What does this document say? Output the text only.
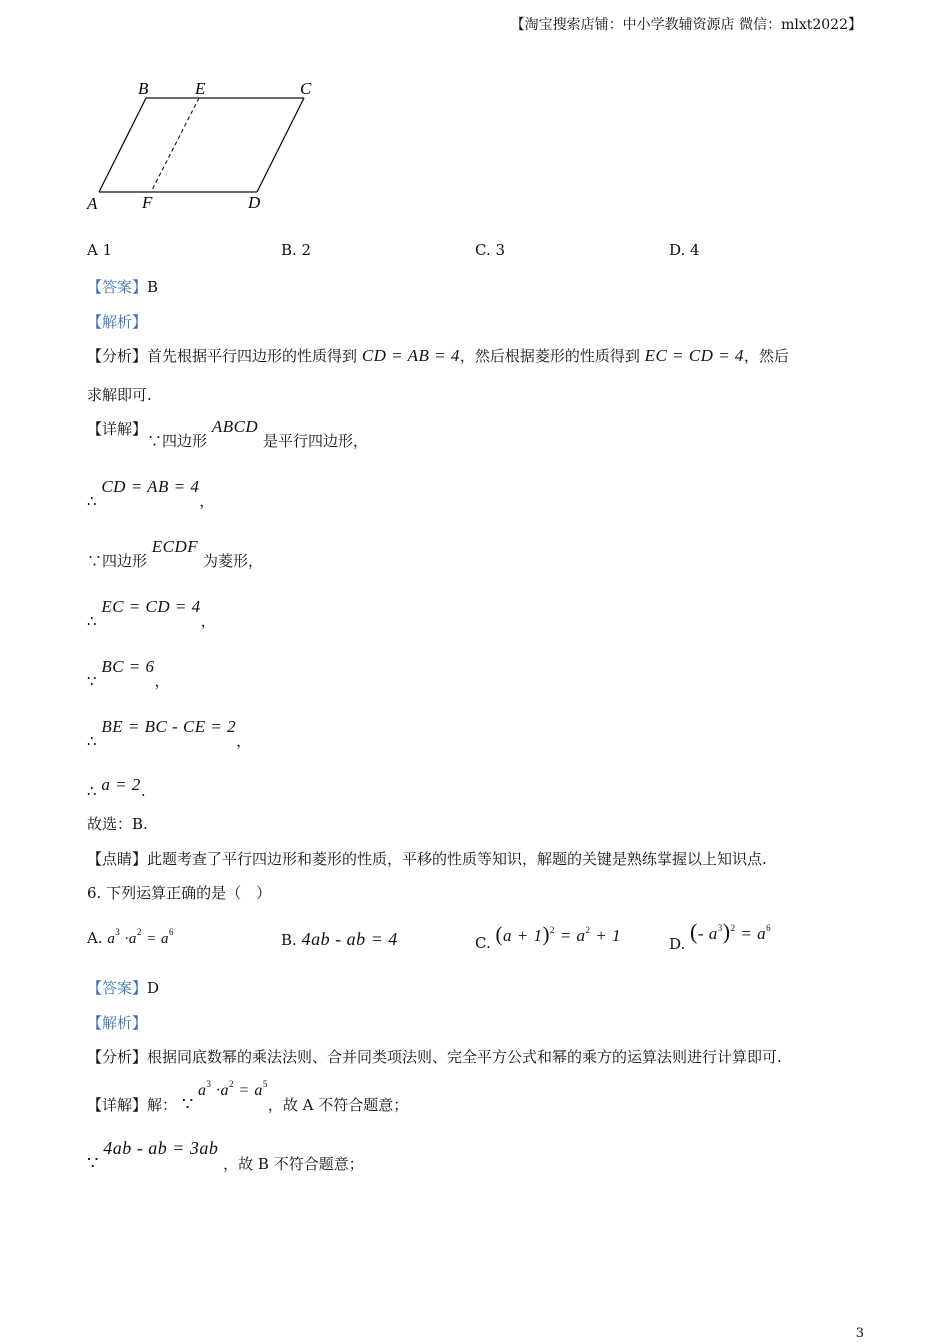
【淘宝搜索店铺：中小学教辅资源店 微信：mlxt2022】
B	E	C
A	F	D
A 1	B. 2	C. 3	D. 4
【答案】B
【解析】
【分析】首先根据平行四边形的性质得到 CD = AB = 4，然后根据菱形的性质得到 EC = CD = 4，然后
求解即可.
【详解】∵四边形 ABCD 是平行四边形，
∴ CD = AB = 4，
∵四边形 ECDF 为菱形，
∴ EC = CD = 4，
∵ BC = 6，
∴ BE = BC - CE = 2，
∴ a = 2.
故选：B.
【点睛】此题考查了平行四边形和菱形的性质，平移的性质等知识，解题的关键是熟练掌握以上知识点.
6. 下列运算正确的是（　）
A. $a^3 \cdot a^2 = a^6$	B. 4ab - ab = 4	C. $(a + 1)^2 = a^2 + 1$	D. (- $a^3)^2 = a^6$
【答案】D
【解析】
【分析】根据同底数幂的乘法法则、合并同类项法则、完全平方公式和幂的乘方的运算法则进行计算即可.
【详解】解： ∵ $a^3 \cdot a^2 = a^5$，故 A 不符合题意；
∵ 4ab - ab = 3ab ，故 B 不符合题意；
3
